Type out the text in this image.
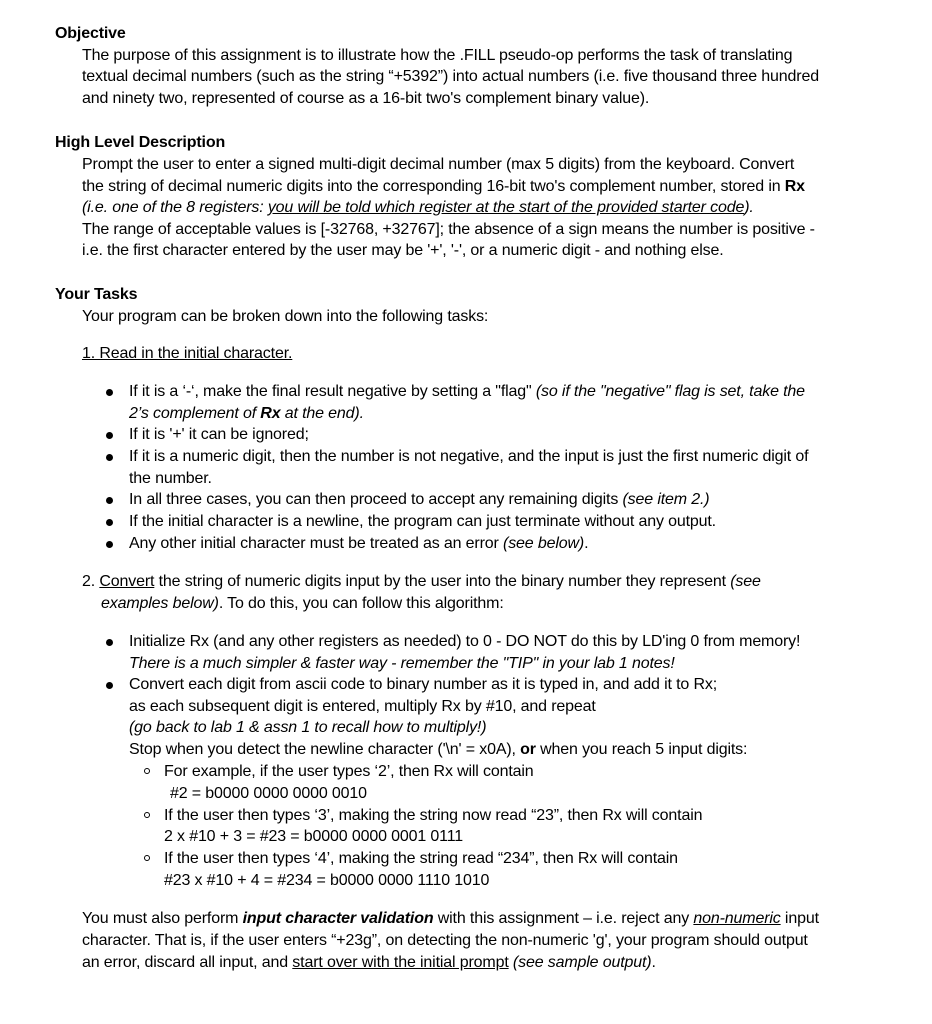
Objective
The purpose of this assignment is to illustrate how the .FILL pseudo-op performs the task of translating
textual decimal numbers (such as the string “+5392”) into actual numbers (i.e. five thousand three hundred
and ninety two, represented of course as a 16-bit two's complement binary value).
High Level Description
Prompt the user to enter a signed multi-digit decimal number (max 5 digits) from the keyboard. Convert
the string of decimal numeric digits into the corresponding 16-bit two's complement number, stored in Rx
(i.e. one of the 8 registers: you will be told which register at the start of the provided starter code).
The range of acceptable values is [-32768, +32767]; the absence of a sign means the number is positive -
i.e. the first character entered by the user may be '+', '-', or a numeric digit - and nothing else.
Your Tasks
Your program can be broken down into the following tasks:
1. Read in the initial character.
If it is a ‘-‘, make the final result negative by setting a "flag" (so if the "negative" flag is set, take the
2’s complement of Rx at the end).
If it is '+' it can be ignored;
If it is a numeric digit, then the number is not negative, and the input is just the first numeric digit of
the number.
In all three cases, you can then proceed to accept any remaining digits (see item 2.)
If the initial character is a newline, the program can just terminate without any output.
Any other initial character must be treated as an error (see below).
2. Convert the string of numeric digits input by the user into the binary number they represent (see
examples below). To do this, you can follow this algorithm:
Initialize Rx (and any other registers as needed) to 0 - DO NOT do this by LD'ing 0 from memory!
There is a much simpler & faster way - remember the "TIP" in your lab 1 notes!
Convert each digit from ascii code to binary number as it is typed in, and add it to Rx;
as each subsequent digit is entered, multiply Rx by #10, and repeat
(go back to lab 1 & assn 1 to recall how to multiply!)
Stop when you detect the newline character ('\n' = x0A), or when you reach 5 input digits:
For example, if the user types ‘2’, then Rx will contain
#2 = b0000 0000 0000 0010
If the user then types ‘3’, making the string now read “23”, then Rx will contain
2 x #10 + 3 = #23 = b0000 0000 0001 0111
If the user then types ‘4’, making the string read “234”, then Rx will contain
#23 x #10 + 4 = #234 = b0000 0000 1110 1010
You must also perform input character validation with this assignment – i.e. reject any non-numeric input
character. That is, if the user enters “+23g”, on detecting the non-numeric 'g', your program should output
an error, discard all input, and start over with the initial prompt (see sample output).
